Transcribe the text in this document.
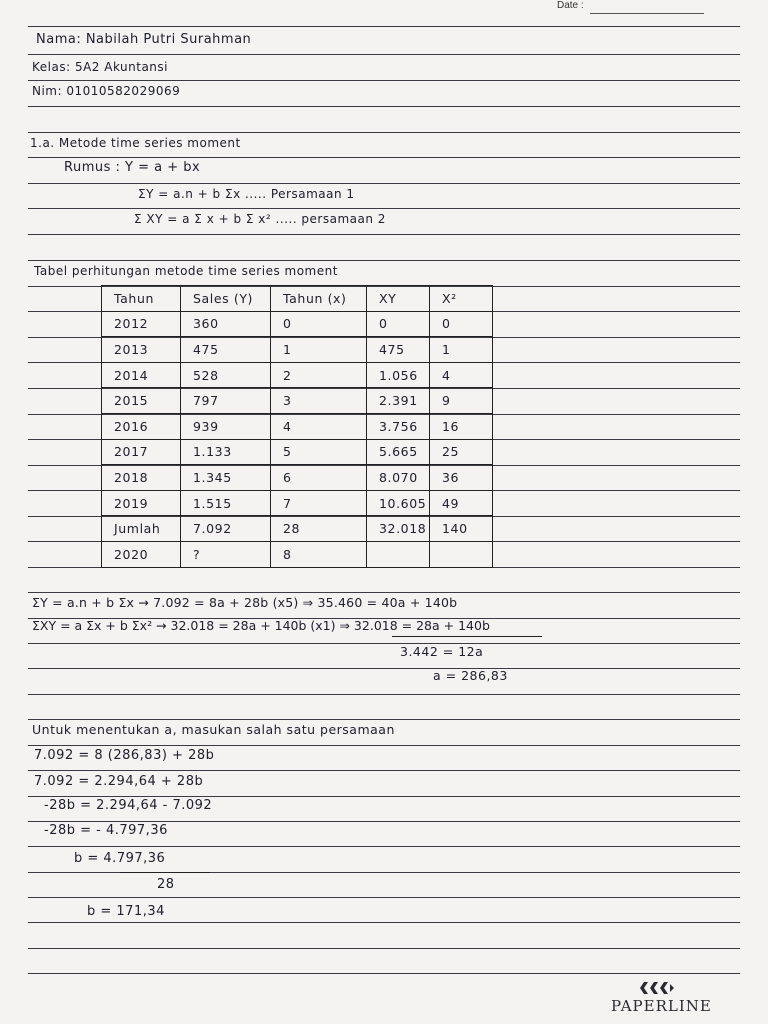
Date :
Nama: Nabilah Putri Surahman
Kelas: 5A2 Akuntansi
Nim: 01010582029069
1.a. Metode time series moment
Rumus : Y = a + bx
ΣY = a.n + b Σx ..... Persamaan 1
Σ XY = a Σ x + b Σ x² ..... persamaan 2
Tabel perhitungan metode time series moment
Tahun	Sales (Y)	Tahun (x)	XY	X²
2012	360	0	0	0
2013	475	1	475	1
2014	528	2	1.056	4
2015	797	3	2.391	9
2016	939	4	3.756	16
2017	1.133	5	5.665	25
2018	1.345	6	8.070	36
2019	1.515	7	10.605	49
Jumlah	7.092	28	32.018	140
2020	?	8		
ΣY = a.n + b Σx → 7.092 = 8a + 28b (x5) ⇒ 35.460 = 40a + 140b
ΣXY = a Σx + b Σx² → 32.018 = 28a + 140b (x1) ⇒ 32.018 = 28a + 140b
3.442 = 12a
a = 286,83
Untuk menentukan a, masukan salah satu persamaan
7.092 = 8 (286,83) + 28b
7.092 = 2.294,64 + 28b
-28b = 2.294,64 - 7.092
-28b = - 4.797,36
b = 4.797,36
28
b = 171,34
PAPERLINE
